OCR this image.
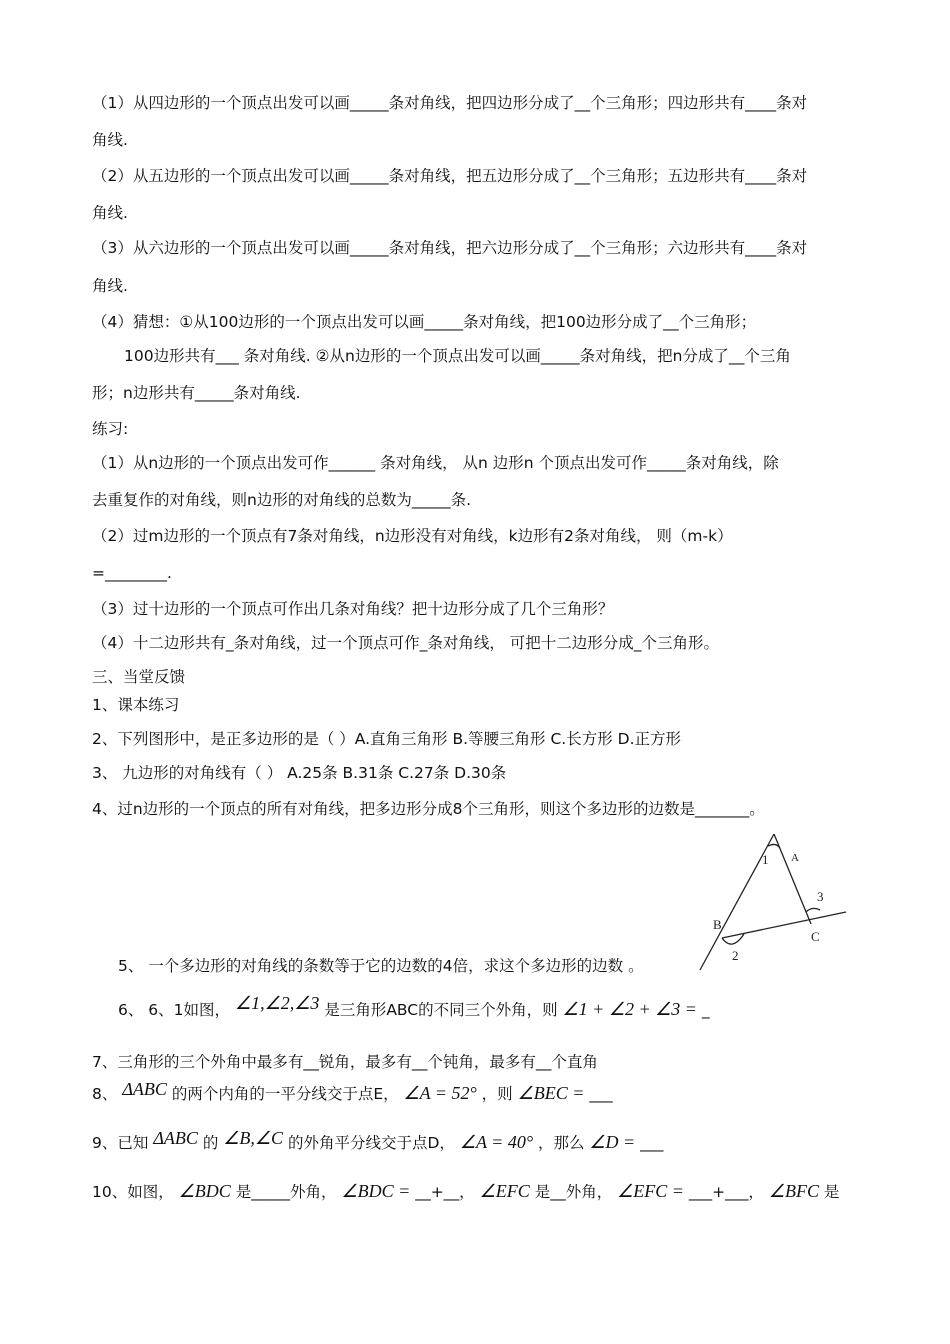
（1）从四边形的一个顶点出发可以画_____条对角线，把四边形分成了__个三角形；四边形共有____条对
角线.
（2）从五边形的一个顶点出发可以画_____条对角线，把五边形分成了__个三角形；五边形共有____条对
角线.
（3）从六边形的一个顶点出发可以画_____条对角线，把六边形分成了__个三角形；六边形共有____条对
角线.
（4）猜想：①从100边形的一个顶点出发可以画_____条对角线，把100边形分成了__个三角形；
100边形共有___ 条对角线. ②从n边形的一个顶点出发可以画_____条对角线，把n分成了__个三角
形；n边形共有_____条对角线.
练习:
（1）从n边形的一个顶点出发可作______ 条对角线， 从n 边形n 个顶点出发可作_____条对角线，除
去重复作的对角线，则n边形的对角线的总数为_____条.
（2）过m边形的一个顶点有7条对角线，n边形没有对角线，k边形有2条对角线， 则（m-k）
=________.
（3）过十边形的一个顶点可作出几条对角线？把十边形分成了几个三角形？
（4）十二边形共有_条对角线，过一个顶点可作_条对角线， 可把十二边形分成_个三角形。
三、当堂反馈
1、课本练习
2、下列图形中，是正多边形的是（ ）A.直角三角形 B.等腰三角形 C.长方形 D.正方形
3、 九边形的对角线有（ ） A.25条 B.31条 C.27条 D.30条
4、过n边形的一个顶点的所有对角线，把多边形分成8个三角形，则这个多边形的边数是_______。
5、 一个多边形的对角线的条数等于它的边数的4倍，求这个多边形的边数 。
6、 6、1如图， ∠1,∠2,∠3 是三角形ABC的不同三个外角，则 ∠1 + ∠2 + ∠3 = _
7、三角形的三个外角中最多有__锐角，最多有__个钝角，最多有__个直角
8、 ΔABC 的两个内角的一平分线交于点E， ∠A = 52° ，则 ∠BEC = ___
9、已知 ΔABC 的 ∠B,∠C 的外角平分线交于点D， ∠A = 40° ，那么 ∠D = ___
10、如图， ∠BDC 是_____外角， ∠BDC = __+__， ∠EFC 是__外角， ∠EFC = ___+___， ∠BFC 是
1 A
3
B
C
2
